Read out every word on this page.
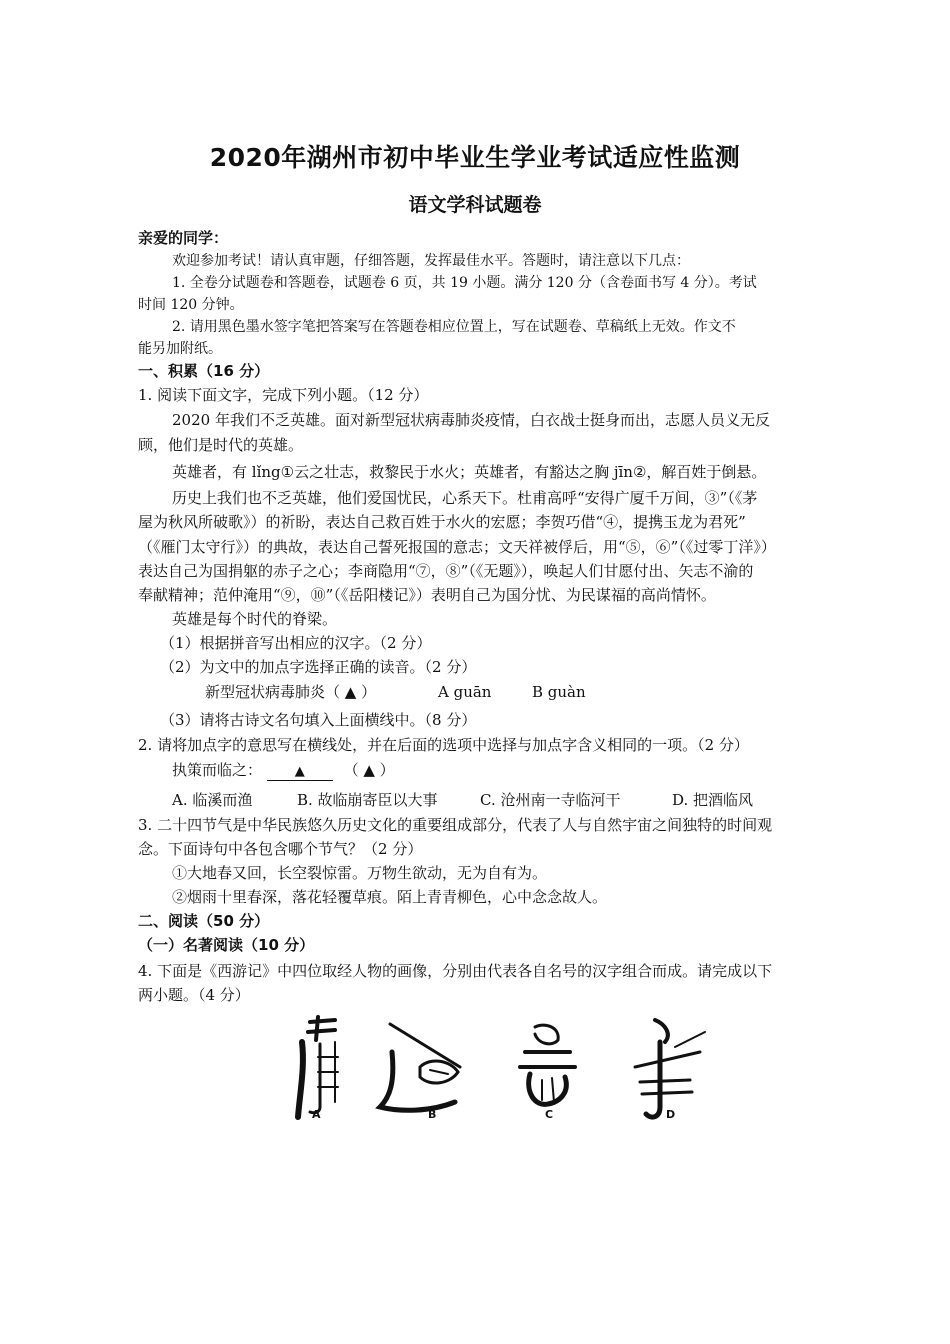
2020年湖州市初中毕业生学业考试适应性监测
语文学科试题卷
亲爱的同学：
欢迎参加考试！请认真审题，仔细答题，发挥最佳水平。答题时，请注意以下几点：
1. 全卷分试题卷和答题卷，试题卷 6 页，共 19 小题。满分 120 分（含卷面书写 4 分）。考试
时间 120 分钟。
2. 请用黑色墨水签字笔把答案写在答题卷相应位置上，写在试题卷、草稿纸上无效。作文不
能另加附纸。
一、积累（16 分）
1. 阅读下面文字，完成下列小题。（12 分）
2020 年我们不乏英雄。面对新型冠状病毒肺炎疫情，白衣战士挺身而出，志愿人员义无反
顾，他们是时代的英雄。
英雄者，有 lǐng①云之壮志，救黎民于水火；英雄者，有豁达之胸 jīn②，解百姓于倒悬。
历史上我们也不乏英雄，他们爱国忧民，心系天下。杜甫高呼“安得广厦千万间，③”（《茅
屋为秋风所破歌》）的祈盼，表达自己救百姓于水火的宏愿；李贺巧借“④，提携玉龙为君死”
（《雁门太守行》）的典故，表达自己誓死报国的意志；文天祥被俘后，用“⑤，⑥”（《过零丁洋》）
表达自己为国捐躯的赤子之心；李商隐用“⑦，⑧”（《无题》），唤起人们甘愿付出、矢志不渝的
奉献精神；范仲淹用“⑨，⑩”（《岳阳楼记》）表明自己为国分忧、为民谋福的高尚情怀。
英雄是每个时代的脊梁。
（1）根据拼音写出相应的汉字。（2 分）
（2）为文中的加点字选择正确的读音。（2 分）
新型冠状病毒肺炎（ ▲ ）	A guān	B guàn
（3）请将古诗文名句填入上面横线中。（8 分）
2. 请将加点字的意思写在横线处，并在后面的选项中选择与加点字含义相同的一项。（2 分）
执策而临之：	▲	（ ▲ ）
A. 临溪而渔	B. 故临崩寄臣以大事	C. 沧州南一寺临河干	D. 把酒临风
3. 二十四节气是中华民族悠久历史文化的重要组成部分，代表了人与自然宇宙之间独特的时间观
念。下面诗句中各包含哪个节气？（2 分）
①大地春又回，长空裂惊雷。万物生欲动，无为自有为。
②烟雨十里春深，落花轻覆草痕。陌上青青柳色，心中念念故人。
二、阅读（50 分）
（一）名著阅读（10 分）
4. 下面是《西游记》中四位取经人物的画像，分别由代表各自名号的汉字组合而成。请完成以下
两小题。（4 分）
A	B	C	D
